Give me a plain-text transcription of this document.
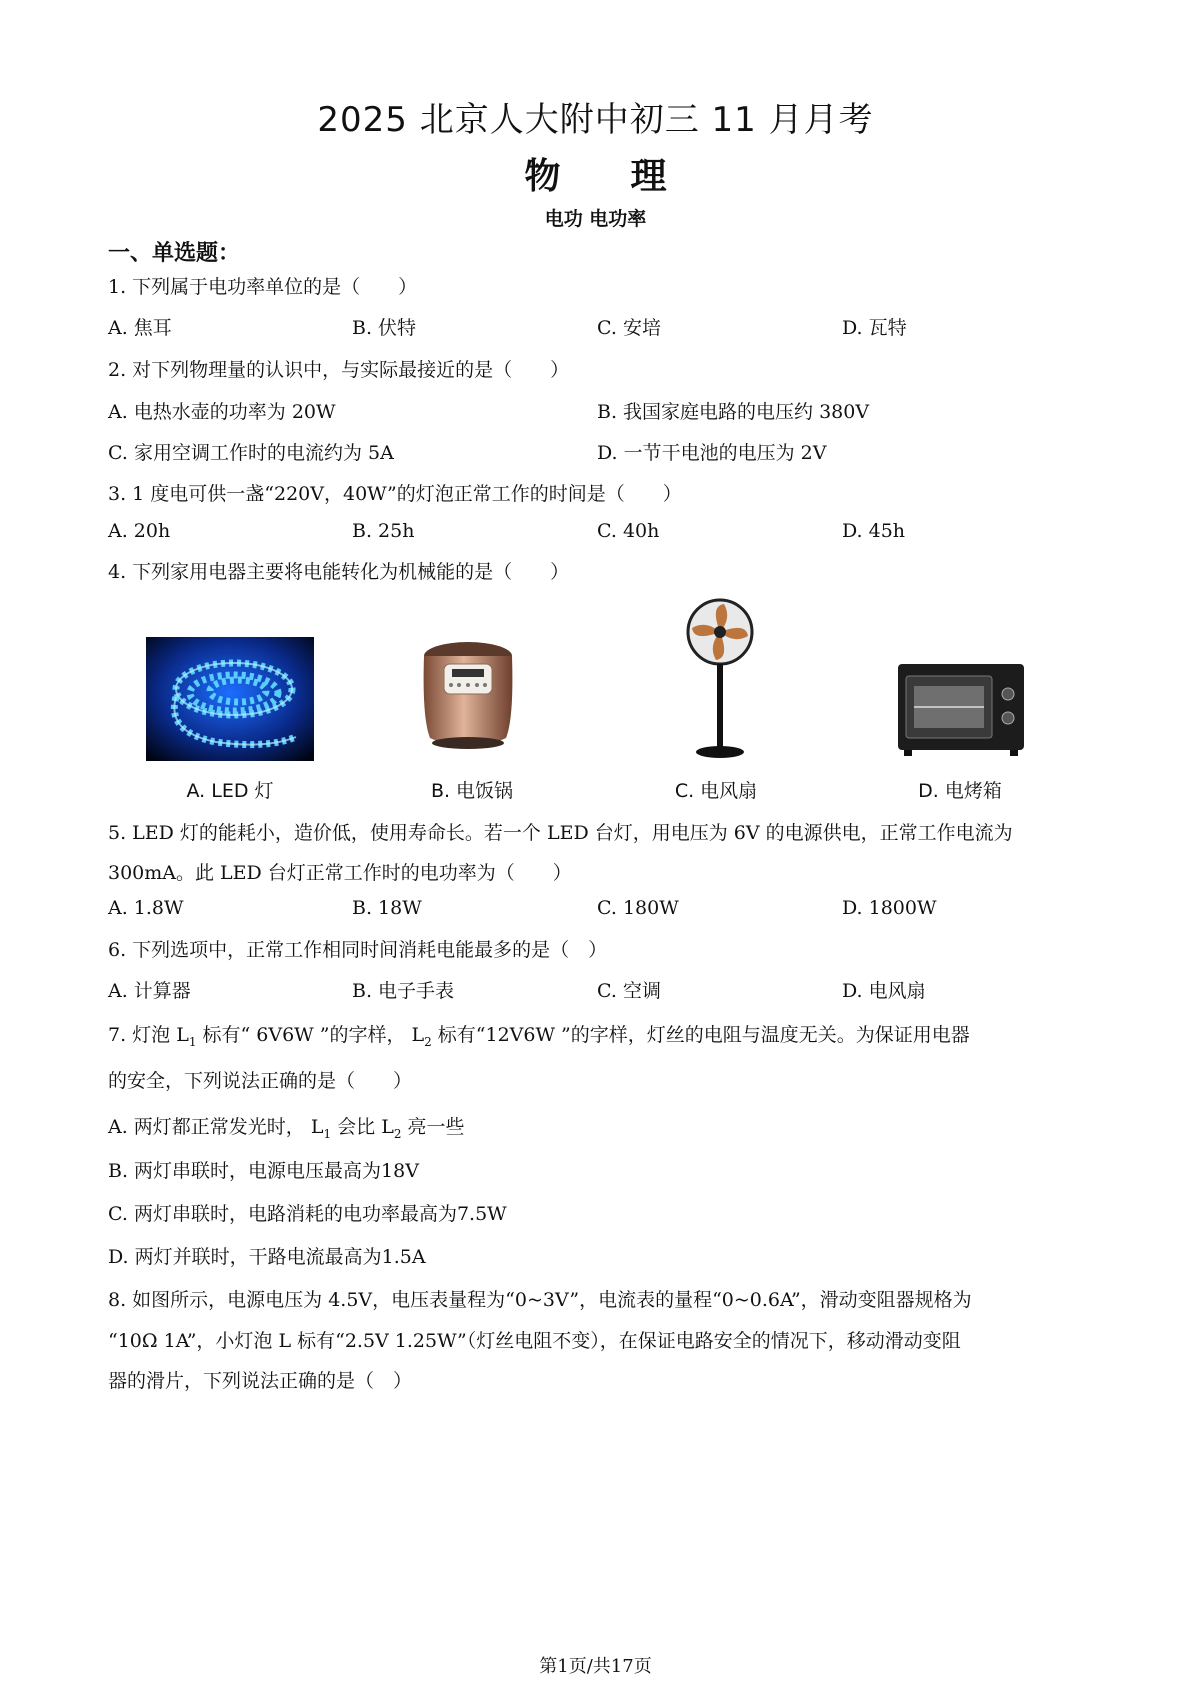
2025 北京人大附中初三 11 月月考
物 理
电功 电功率
一、单选题：
1. 下列属于电功率单位的是（　　）
A. 焦耳	B. 伏特	C. 安培	D. 瓦特
2. 对下列物理量的认识中，与实际最接近的是（　　）
A. 电热水壶的功率为 20W	B. 我国家庭电路的电压约 380V
C. 家用空调工作时的电流约为 5A	D. 一节干电池的电压为 2V
3. 1 度电可供一盏“220V，40W”的灯泡正常工作的时间是（　　）
A. 20h	B. 25h	C. 40h	D. 45h
4. 下列家用电器主要将电能转化为机械能的是（　　）
A. LED 灯	B. 电饭锅	C. 电风扇	D. 电烤箱
5. LED 灯的能耗小，造价低，使用寿命长。若一个 LED 台灯，用电压为 6V 的电源供电，正常工作电流为
300mA。此 LED 台灯正常工作时的电功率为（　　）
A. 1.8W	B. 18W	C. 180W	D. 1800W
6. 下列选项中，正常工作相同时间消耗电能最多的是（　）
A. 计算器	B. 电子手表	C. 空调	D. 电风扇
7. 灯泡 $L_1$ 标有“ 6V6W ”的字样， $L_2$ 标有“12V6W ”的字样，灯丝的电阻与温度无关。为保证用电器
的安全，下列说法正确的是（　　）
A. 两灯都正常发光时， $L_1$ 会比 $L_2$ 亮一些
B. 两灯串联时，电源电压最高为18V
C. 两灯串联时，电路消耗的电功率最高为7.5W
D. 两灯并联时，干路电流最高为1.5A
8. 如图所示，电源电压为 4.5V，电压表量程为“0~3V”，电流表的量程“0~0.6A”，滑动变阻器规格为
“10Ω 1A”，小灯泡 L 标有“2.5V 1.25W”（灯丝电阻不变），在保证电路安全的情况下，移动滑动变阻
器的滑片，下列说法正确的是（　）
第1页/共17页
